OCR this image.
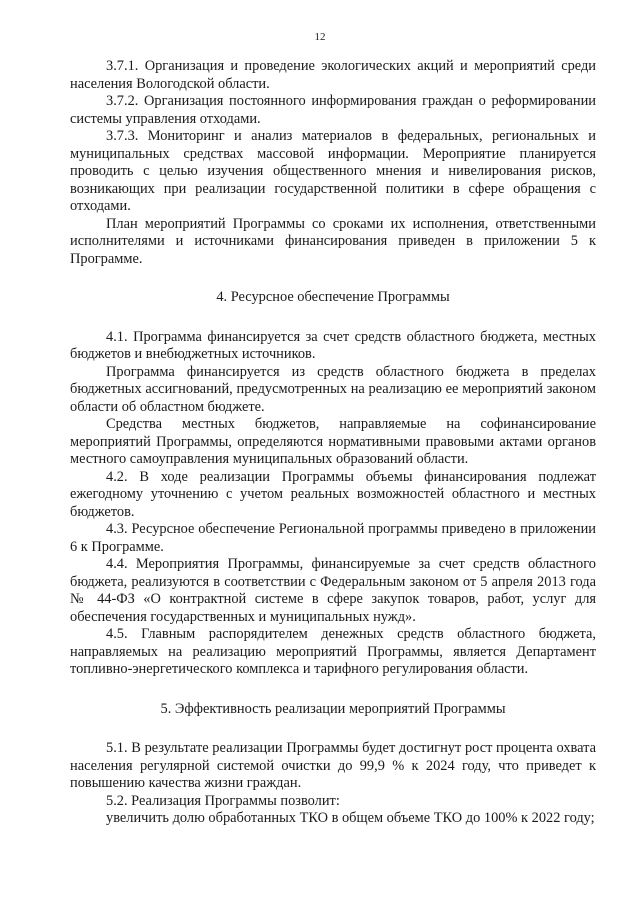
12

3.7.1. Организация и проведение экологических акций и мероприятий среди населения Вологодской области.

3.7.2. Организация постоянного информирования граждан о реформировании системы управления отходами.

3.7.3. Мониторинг и анализ материалов в федеральных, региональных и муниципальных средствах массовой информации. Мероприятие планируется проводить с целью изучения общественного мнения и нивелирования рисков, возникающих при реализации государственной политики в сфере обращения с отходами.

План мероприятий Программы со сроками их исполнения, ответственными исполнителями и источниками финансирования приведен в приложении 5 к Программе.

4. Ресурсное обеспечение Программы

4.1. Программа финансируется за счет средств областного бюджета, местных бюджетов и внебюджетных источников.

Программа финансируется из средств областного бюджета в пределах бюджетных ассигнований, предусмотренных на реализацию ее мероприятий законом области об областном бюджете.

Средства местных бюджетов, направляемые на софинансирование мероприятий Программы, определяются нормативными правовыми актами органов местного самоуправления муниципальных образований области.

4.2. В ходе реализации Программы объемы финансирования подлежат ежегодному уточнению с учетом реальных возможностей областного и местных бюджетов.

4.3. Ресурсное обеспечение Региональной программы приведено в приложении 6 к Программе.

4.4. Мероприятия Программы, финансируемые за счет средств областного бюджета, реализуются в соответствии с Федеральным законом от 5 апреля 2013 года № 44-ФЗ «О контрактной системе в сфере закупок товаров, работ, услуг для обеспечения государственных и муниципальных нужд».

4.5. Главным распорядителем денежных средств областного бюджета, направляемых на реализацию мероприятий Программы, является Департамент топливно-энергетического комплекса и тарифного регулирования области.

5. Эффективность реализации мероприятий Программы

5.1. В результате реализации Программы будет достигнут рост процента охвата населения регулярной системой очистки до 99,9 % к 2024 году, что приведет к повышению качества жизни граждан.

5.2. Реализация Программы позволит:

увеличить долю обработанных ТКО в общем объеме ТКО до 100% к 2022 году;
